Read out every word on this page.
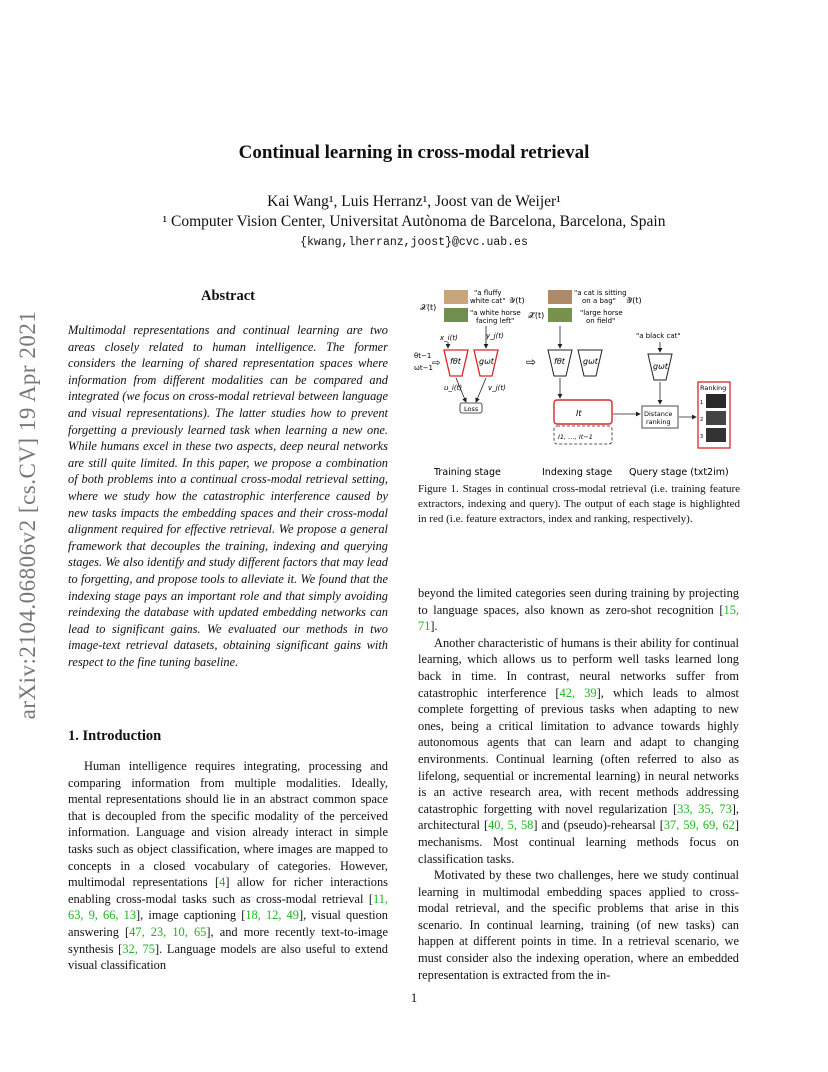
arXiv:2104.06806v2 [cs.CV] 19 Apr 2021
Continual learning in cross-modal retrieval
Kai Wang¹, Luis Herranz¹, Joost van de Weijer¹
¹ Computer Vision Center, Universitat Autònoma de Barcelona, Barcelona, Spain
{kwang,lherranz,joost}@cvc.uab.es
Abstract

Multimodal representations and continual learning are two areas closely related to human intelligence. The former considers the learning of shared representation spaces where information from different modalities can be compared and integrated (we focus on cross-modal retrieval between language and visual representations). The latter studies how to prevent forgetting a previously learned task when learning a new one. While humans excel in these two aspects, deep neural networks are still quite limited. In this paper, we propose a combination of both problems into a continual cross-modal retrieval setting, where we study how the catastrophic interference caused by new tasks impacts the embedding spaces and their cross-modal alignment required for effective retrieval. We propose a general framework that decouples the training, indexing and querying stages. We also identify and study different factors that may lead to forgetting, and propose tools to alleviate it. We found that the indexing stage pays an important role and that simply avoiding reindexing the database with updated embedding networks can lead to significant gains. We evaluated our methods in two image-text retrieval datasets, obtaining significant gains with respect to the fine tuning baseline.

1. Introduction

Human intelligence requires integrating, processing and comparing information from multiple modalities. Ideally, mental representations should lie in an abstract common space that is decoupled from the specific modality of the perceived information. Language and vision already interact in simple tasks such as object classification, where images are mapped to concepts in a closed vocabulary of categories. However, multimodal representations [4] allow for richer interactions enabling cross-modal tasks such as cross-modal retrieval [11, 63, 9, 66, 13], image captioning [18, 12, 49], visual question answering [47, 23, 10, 65], and more recently text-to-image synthesis [32, 75]. Language models are also useful to extend visual classification

𝒳(t)
"a fluffy
white cat" 𝒴(t)
"a white horse
facing left"
x_i(t)	y_j(t)
θt−1
ωt−1 ⇨ fθt gωt
u_i(t)	v_j(t)
Loss
⇨
𝒳̂(t)
"a cat is sitting
on a bag" 𝒴̂(t)
"large horse
on field"
fθt gωt
It
I1, …, It−1
"a black cat"
gωt
Distance
ranking
Ranking
1
2
3
Training stage	Indexing stage Query stage (txt2im)

Figure 1. Stages in continual cross-modal retrieval (i.e. training feature extractors, indexing and query). The output of each stage is highlighted in red (i.e. feature extractors, index and ranking, respectively).

beyond the limited categories seen during training by projecting to language spaces, also known as zero-shot recognition [15, 71].

Another characteristic of humans is their ability for continual learning, which allows us to perform well tasks learned long back in time. In contrast, neural networks suffer from catastrophic interference [42, 39], which leads to almost complete forgetting of previous tasks when adapting to new ones, being a critical limitation to advance towards highly autonomous agents that can learn and adapt to changing environments. Continual learning (often referred to also as lifelong, sequential or incremental learning) in neural networks is an active research area, with recent methods addressing catastrophic forgetting with novel regularization [33, 35, 73], architectural [40, 5, 58] and (pseudo)-rehearsal [37, 59, 69, 62] mechanisms. Most continual learning methods focus on classification tasks.

Motivated by these two challenges, here we study continual learning in multimodal embedding spaces applied to cross-modal retrieval, and the specific problems that arise in this scenario. In continual learning, training (of new tasks) can happen at different points in time. In a retrieval scenario, we must consider also the indexing operation, where an embedded representation is extracted from the in-

1
